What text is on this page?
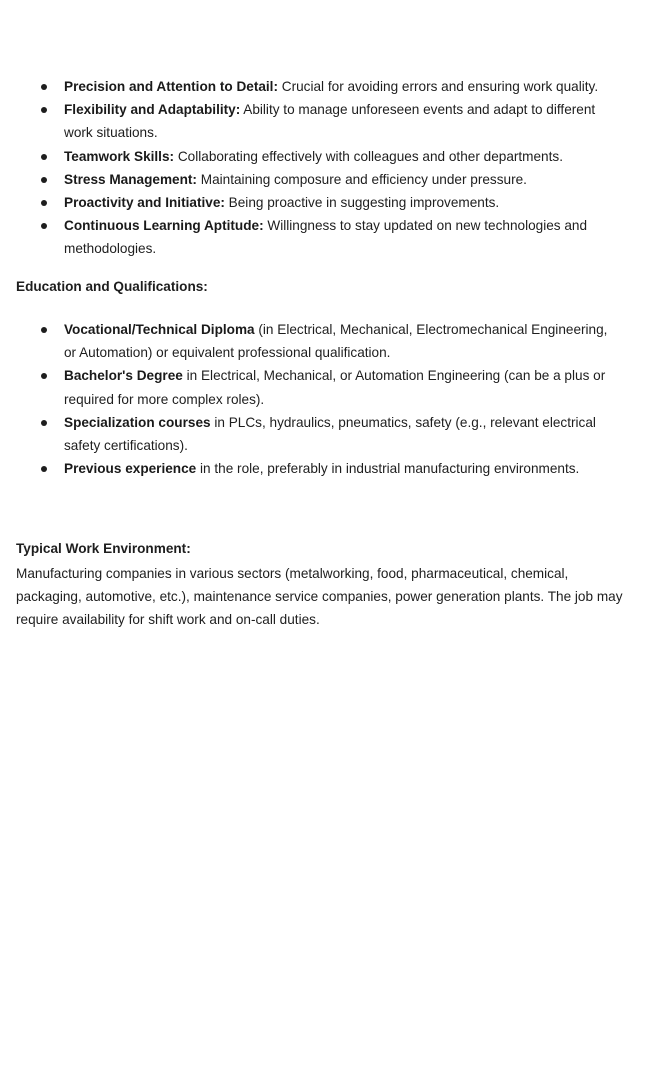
Precision and Attention to Detail: Crucial for avoiding errors and ensuring work quality.
Flexibility and Adaptability: Ability to manage unforeseen events and adapt to different work situations.
Teamwork Skills: Collaborating effectively with colleagues and other departments.
Stress Management: Maintaining composure and efficiency under pressure.
Proactivity and Initiative: Being proactive in suggesting improvements.
Continuous Learning Aptitude: Willingness to stay updated on new technologies and methodologies.
Education and Qualifications:
Vocational/Technical Diploma (in Electrical, Mechanical, Electromechanical Engineering, or Automation) or equivalent professional qualification.
Bachelor's Degree in Electrical, Mechanical, or Automation Engineering (can be a plus or required for more complex roles).
Specialization courses in PLCs, hydraulics, pneumatics, safety (e.g., relevant electrical safety certifications).
Previous experience in the role, preferably in industrial manufacturing environments.
Typical Work Environment:
Manufacturing companies in various sectors (metalworking, food, pharmaceutical, chemical, packaging, automotive, etc.), maintenance service companies, power generation plants. The job may require availability for shift work and on-call duties.
